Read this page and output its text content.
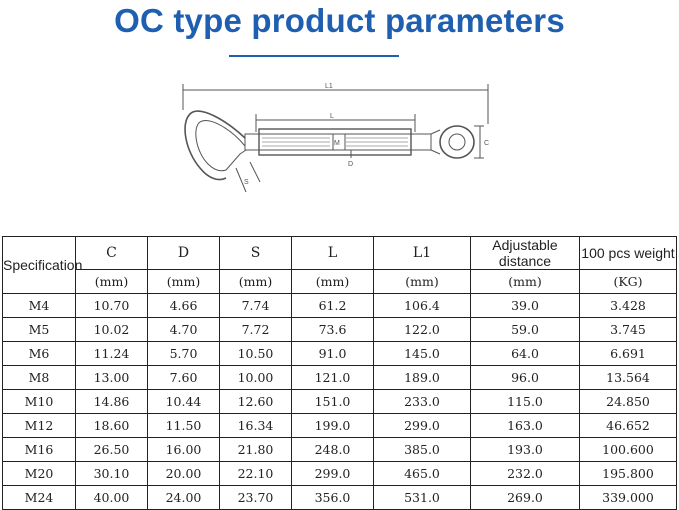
OC type product parameters
L1
L
C
D
S
M
Specification	C	D	S	L	L1	Adjustable distance	100 pcs weight
	(mm)	(mm)	(mm)	(mm)	(mm)	(mm)	(KG)
M4	10.70	4.66	7.74	61.2	106.4	39.0	3.428
M5	10.02	4.70	7.72	73.6	122.0	59.0	3.745
M6	11.24	5.70	10.50	91.0	145.0	64.0	6.691
M8	13.00	7.60	10.00	121.0	189.0	96.0	13.564
M10	14.86	10.44	12.60	151.0	233.0	115.0	24.850
M12	18.60	11.50	16.34	199.0	299.0	163.0	46.652
M16	26.50	16.00	21.80	248.0	385.0	193.0	100.600
M20	30.10	20.00	22.10	299.0	465.0	232.0	195.800
M24	40.00	24.00	23.70	356.0	531.0	269.0	339.000
